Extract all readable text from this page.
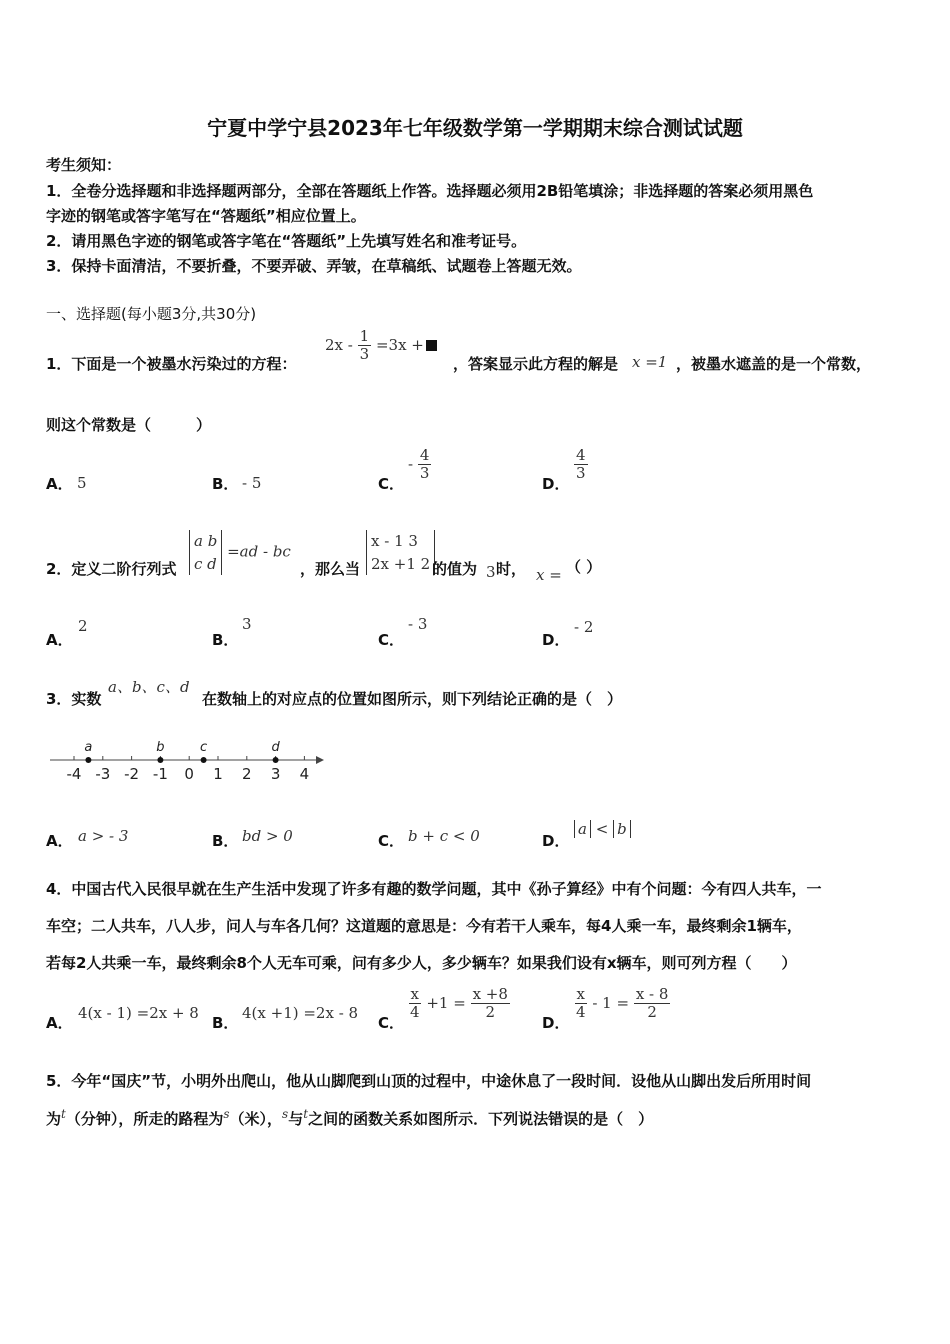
宁夏中学宁县2023年七年级数学第一学期期末综合测试试题
考生须知：
1．全卷分选择题和非选择题两部分，全部在答题纸上作答。选择题必须用2B铅笔填涂；非选择题的答案必须用黑色
字迹的钢笔或答字笔写在“答题纸”相应位置上。
2．请用黑色字迹的钢笔或答字笔在“答题纸”上先填写姓名和准考证号。
3．保持卡面清洁，不要折叠，不要弄破、弄皱，在草稿纸、试题卷上答题无效。
一、选择题(每小题3分,共30分)
1．下面是一个被墨水污染过的方程：
$2x - \frac{1}{3} =3x$ +
，答案显示此方程的解是 x =1 ，被墨水遮盖的是一个常数，
则这个常数是（　　　）
A． 5	B． - 5	C．
- $\frac{4}{3}$
D．
$\frac{4}{3}$
2．定义二阶行列式
a b
c d =ad - bc
，那么当
x - 1 3
2x +1 2 的值为 3 时， x = （ ）
A．
2
B．
3
C．
- 3
D．
- 2
3．实数
a、b、c、d
在数轴上的对应点的位置如图所示，则下列结论正确的是（　）
-4 -3 -2 -1 0 1 2 3 4
a	b	c	d
A． a > - 3	B． bd > 0	C． b + c < 0	D．
a < b
4．中国古代入民很早就在生产生活中发现了许多有趣的数学问题，其中《孙子算经》中有个问题：今有四人共车，一
车空；二人共车，八人步，问人与车各几何？这道题的意思是：今有若干人乘车，每4人乘一车，最终剩余1辆车，
若每2人共乘一车，最终剩余8个人无车可乘，问有多少人，多少辆车？如果我们设有x辆车，则可列方程（　　）
A．
4(x - 1) =2x + 8
B．
4(x +1) =2x - 8
C．
$\frac{x}{4} +1 = \frac{x +8}{2}$
D．
$\frac{x}{4} - 1 = \frac{x - 8}{2}$
5．今年“国庆”节，小明外出爬山，他从山脚爬到山顶的过程中，中途休息了一段时间．设他从山脚出发后所用时间
为$^t$（分钟），所走的路程为$^s$（米），$^s$与$^t$之间的函数关系如图所示．下列说法错误的是（　）
